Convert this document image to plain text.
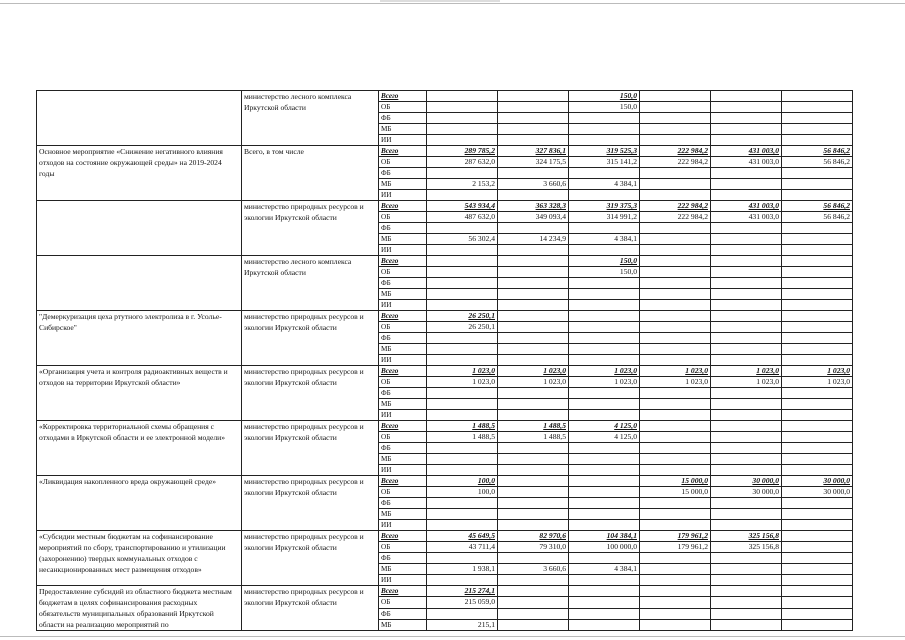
	министерство лесного комплекса Иркутской области	Всего			150,0			
		ОБ			150,0			
		ФБ						
		МБ						
		ИИ						
Основное мероприятие «Снижение негативного влияния отходов на состояние окружающей среды» на 2019-2024 годы	Всего, в том числе	Всего	289 785,2	327 836,1	319 525,3	222 984,2	431 003,0	56 846,2
		ОБ	287 632,0	324 175,5	315 141,2	222 984,2	431 003,0	56 846,2
		ФБ						
		МБ	2 153,2	3 660,6	4 384,1			
		ИИ						
	министерство природных ресурсов и экологии Иркутской области	Всего	543 934,4	363 328,3	319 375,3	222 984,2	431 003,0	56 846,2
		ОБ	487 632,0	349 093,4	314 991,2	222 984,2	431 003,0	56 846,2
		ФБ						
		МБ	56 302,4	14 234,9	4 384,1			
		ИИ						
	министерство лесного комплекса Иркутской области	Всего			150,0			
		ОБ			150,0			
		ФБ						
		МБ						
		ИИ						
"Демеркуризация цеха ртутного электролиза в г. Усолье-Сибирское"	министерство природных ресурсов и экологии Иркутской области	Всего	26 250,1					
		ОБ	26 250,1					
		ФБ						
		МБ						
		ИИ						
«Организация учета и контроля радиоактивных веществ и отходов на территории Иркутской области»	министерство природных ресурсов и экологии Иркутской области	Всего	1 023,0	1 023,0	1 023,0	1 023,0	1 023,0	1 023,0
		ОБ	1 023,0	1 023,0	1 023,0	1 023,0	1 023,0	1 023,0
		ФБ						
		МБ						
		ИИ						
«Корректировка территориальной схемы обращения с отходами в Иркутской области и ее электронной модели»	министерство природных ресурсов и экологии Иркутской области	Всего	1 488,5	1 488,5	4 125,0			
		ОБ	1 488,5	1 488,5	4 125,0			
		ФБ						
		МБ						
		ИИ						
«Ликвидация накопленного вреда окружающей среде»	министерство природных ресурсов и экологии Иркутской области	Всего	100,0			15 000,0	30 000,0	30 000,0
		ОБ	100,0			15 000,0	30 000,0	30 000,0
		ФБ						
		МБ						
		ИИ						
«Субсидии местным бюджетам на софинансирование мероприятий по сбору, транспортированию и утилизации (захоронению) твердых коммунальных отходов с несанкционированных мест размещения отходов»	министерство природных ресурсов и экологии Иркутской области	Всего	45 649,5	82 970,6	104 384,1	179 961,2	325 156,8	
		ОБ	43 711,4	79 310,0	100 000,0	179 961,2	325 156,8	
		ФБ						
		МБ	1 938,1	3 660,6	4 384,1			
		ИИ						
Предоставление субсидий из областного бюджета местным бюджетам в целях софинансирования расходных обязательств муниципальных образований Иркутской области на реализацию мероприятий по	министерство природных ресурсов и экологии Иркутской области	Всего	215 274,1					
		ОБ	215 059,0					
		ФБ						
		МБ	215,1					
